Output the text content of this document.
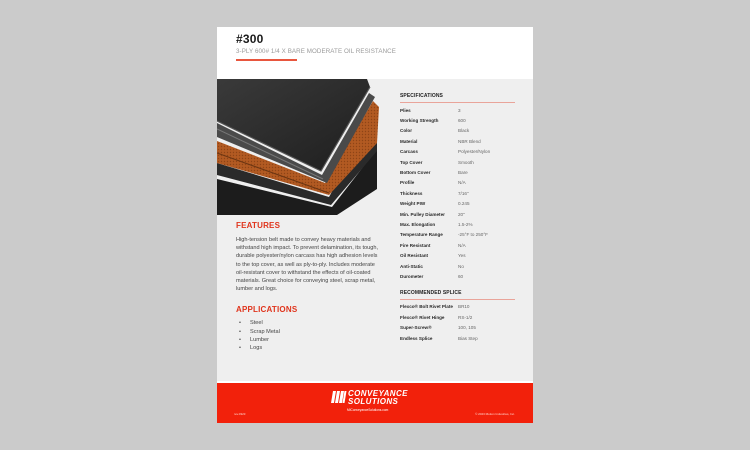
#300
3-PLY 600# 1/4 X BARE MODERATE OIL RESISTANCE
FEATURES

High-tension belt made to convey heavy materials and withstand high impact. To prevent delamination, its tough, durable polyester/nylon carcass has high adhesion levels to the top cover, as well as ply-to-ply. Includes moderate oil-resistant cover to withstand the effects of oil-coated materials. Great choice for conveying steel, scrap metal, lumber and logs.

APPLICATIONS
• Steel
• Scrap Metal
• Lumber
• Logs
SPECIFICATIONS
Plies	3
Working Strength	600
Color	Black
Material	NBR Blend
Carcass	Polyester/Nylon
Top Cover	Smooth
Bottom Cover	Bare
Profile	N/A
Thickness	7/16"
Weight PIW	0.245
Min. Pulley Diameter	20"
Max. Elongation	1.5-2%
Temperature Range	-25°F to 250°F
Fire Resistant	N/A
Oil Resistant	Yes
Anti-Static	No
Durometer	60
RECOMMENDED SPLICE
Flexco® Bolt Rivet Plate	BR10
Flexco® Rivet Hinge	RS-1/2
Super-Screw®	100, 105
Endless Splice	Bias Step
CONVEYANCE
SOLUTIONS
MIConveyanceSolutions.com
rev.0323	© 2023 Motion Industries, Inc.
